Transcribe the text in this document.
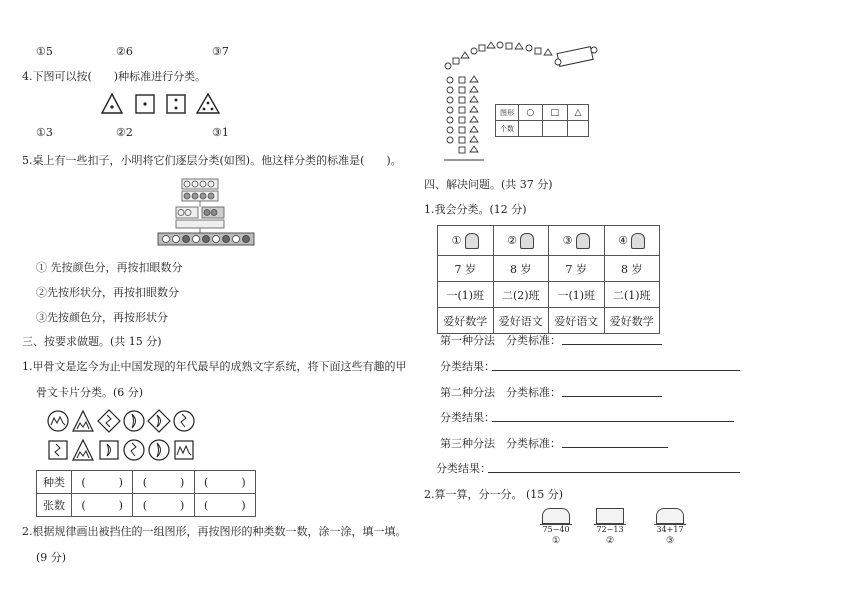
①5	②6	③7
4.下图可以按(　　)种标准进行分类。
①3	②2	③1
5.桌上有一些扣子，小明将它们逐层分类(如图)。他这样分类的标准是(　　)。
① 先按颜色分，再按扣眼数分
②先按形状分，再按扣眼数分
③先按颜色分，再按形状分
三、按要求做题。(共 15 分)
1.甲骨文是迄今为止中国发现的年代最早的成熟文字系统，将下面这些有趣的甲
骨文卡片分类。(6 分)
种类	(　　　)	(　　　)	(　　　)
张数	(　　　)	(　　　)	(　　　)
2.根据规律画出被挡住的一组图形，再按图形的种类数一数，涂一涂，填一填。
(9 分)
图形	○	□	△
个数			
四、解决问题。(共 37 分)
1.我会分类。(12 分)
①	②	③	④
7 岁	8 岁	7 岁	8 岁
一(1)班	二(2)班	一(1)班	二(1)班
爱好数学	爱好语文	爱好语文	爱好数学
第一种分法　分类标准：
分类结果：
第二种分法　分类标准：
分类结果：
第三种分法　分类标准：
分类结果：
2.算一算，分一分。 (15 分)
75−40
①
72−13
②
34+17
③
